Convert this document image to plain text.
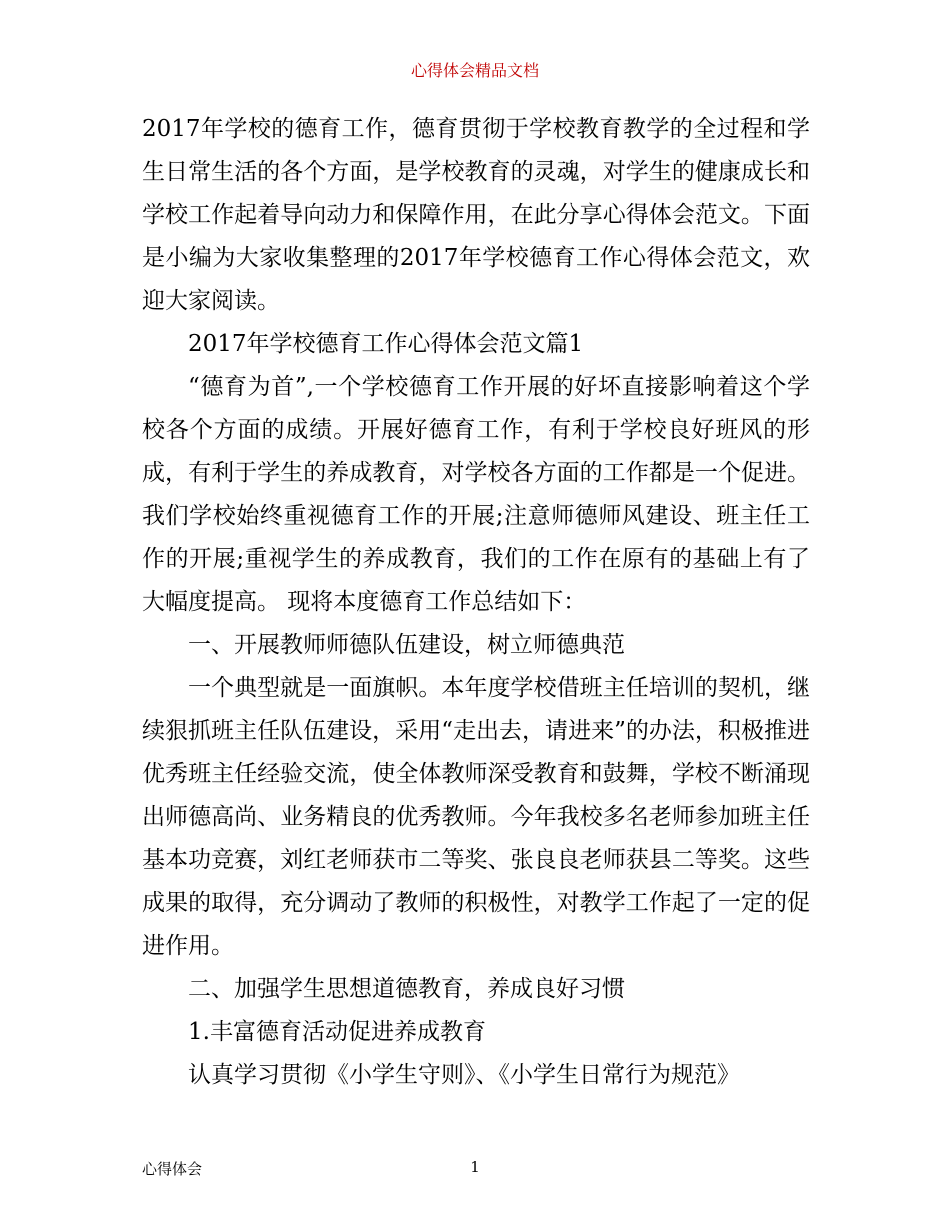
心得体会精品文档

2017年学校的德育工作，德育贯彻于学校教育教学的全过程和学生日常生活的各个方面，是学校教育的灵魂，对学生的健康成长和学校工作起着导向动力和保障作用，在此分享心得体会范文。下面是小编为大家收集整理的2017年学校德育工作心得体会范文，欢迎大家阅读。

2017年学校德育工作心得体会范文篇1

“德育为首”,一个学校德育工作开展的好坏直接影响着这个学校各个方面的成绩。开展好德育工作，有利于学校良好班风的形成，有利于学生的养成教育，对学校各方面的工作都是一个促进。我们学校始终重视德育工作的开展;注意师德师风建设、班主任工作的开展;重视学生的养成教育，我们的工作在原有的基础上有了大幅度提高。 现将本度德育工作总结如下：

一、开展教师师德队伍建设，树立师德典范

一个典型就是一面旗帜。本年度学校借班主任培训的契机，继续狠抓班主任队伍建设，采用“走出去，请进来”的办法，积极推进优秀班主任经验交流，使全体教师深受教育和鼓舞，学校不断涌现出师德高尚、业务精良的优秀教师。今年我校多名老师参加班主任基本功竞赛，刘红老师获市二等奖、张良良老师获县二等奖。这些成果的取得，充分调动了教师的积极性，对教学工作起了一定的促进作用。

二、加强学生思想道德教育，养成良好习惯

1.丰富德育活动促进养成教育

认真学习贯彻《小学生守则》、《小学生日常行为规范》

心得体会	1
